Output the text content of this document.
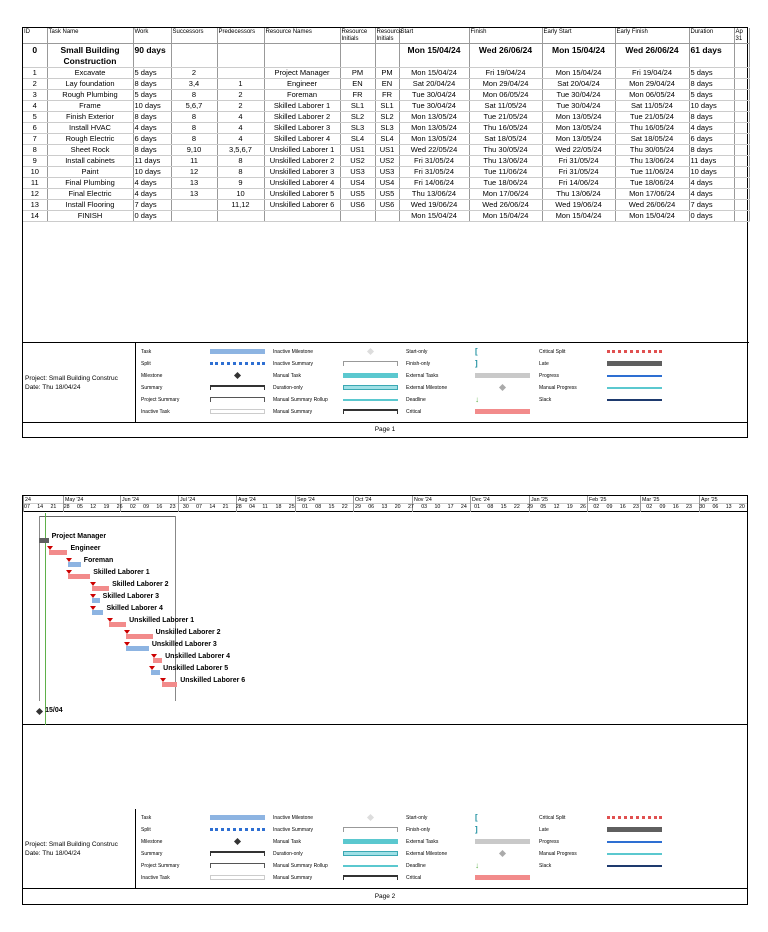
ID	Task Name	Work	Successors	Predecessors	Resource Names	Resource Initials	Resource Initials	Start	Finish	Early Start	Early Finish	Duration	Ap 31
0	Small Building Construction	90 days						Mon 15/04/24	Wed 26/06/24	Mon 15/04/24	Wed 26/06/24	61 days	
1	Excavate	5 days	2		Project Manager	PM	PM	Mon 15/04/24	Fri 19/04/24	Mon 15/04/24	Fri 19/04/24	5 days	
2	Lay foundation	8 days	3,4	1	Engineer	EN	EN	Sat 20/04/24	Mon 29/04/24	Sat 20/04/24	Mon 29/04/24	8 days	
3	Rough Plumbing	5 days	8	2	Foreman	FR	FR	Tue 30/04/24	Mon 06/05/24	Tue 30/04/24	Mon 06/05/24	5 days	
4	Frame	10 days	5,6,7	2	Skilled Laborer 1	SL1	SL1	Tue 30/04/24	Sat 11/05/24	Tue 30/04/24	Sat 11/05/24	10 days	
5	Finish Exterior	8 days	8	4	Skilled Laborer 2	SL2	SL2	Mon 13/05/24	Tue 21/05/24	Mon 13/05/24	Tue 21/05/24	8 days	
6	Install HVAC	4 days	8	4	Skilled Laborer 3	SL3	SL3	Mon 13/05/24	Thu 16/05/24	Mon 13/05/24	Thu 16/05/24	4 days	
7	Rough Electric	6 days	8	4	Skilled Laborer 4	SL4	SL4	Mon 13/05/24	Sat 18/05/24	Mon 13/05/24	Sat 18/05/24	6 days	
8	Sheet Rock	8 days	9,10	3,5,6,7	Unskilled Laborer 1	US1	US1	Wed 22/05/24	Thu 30/05/24	Wed 22/05/24	Thu 30/05/24	8 days	
9	Install cabinets	11 days	11	8	Unskilled Laborer 2	US2	US2	Fri 31/05/24	Thu 13/06/24	Fri 31/05/24	Thu 13/06/24	11 days	
10	Paint	10 days	12	8	Unskilled Laborer 3	US3	US3	Fri 31/05/24	Tue 11/06/24	Fri 31/05/24	Tue 11/06/24	10 days	
11	Final Plumbing	4 days	13	9	Unskilled Laborer 4	US4	US4	Fri 14/06/24	Tue 18/06/24	Fri 14/06/24	Tue 18/06/24	4 days	
12	Final Electric	4 days	13	10	Unskilled Laborer 5	US5	US5	Thu 13/06/24	Mon 17/06/24	Thu 13/06/24	Mon 17/06/24	4 days	
13	Install Flooring	7 days		11,12	Unskilled Laborer 6	US6	US6	Wed 19/06/24	Wed 26/06/24	Wed 19/06/24	Wed 26/06/24	7 days	
14	FINISH	0 days						Mon 15/04/24	Mon 15/04/24	Mon 15/04/24	Mon 15/04/24	0 days	
Project: Small Building Construc
Date: Thu 18/04/24
Task
Split
Milestone
Summary
Project Summary
Inactive Task
Inactive Milestone
Inactive Summary
Manual Task
Duration-only
Manual Summary Rollup
Manual Summary
Start-only	[
Finish-only	]
External Tasks
External Milestone
Deadline	↓
Critical
Critical Split
Late
Progress
Manual Progress
Slack
Page 1
24	May '24	Jun '24	Jul '24	Aug '24	Sep '24	Oct '24	Nov '24	Dec '24	Jan '25	Feb '25	Mar '25	Apr '25
07 14 21 28 05 12 19 26 02 09 16 23 30 07 14 21 28 04 11 18 25 01 08 15 22 29 06 13 20 27 03 10 17 24 01 08 15 22 29 05 12 19 26 02 09 16 23 02 09 16 23 30 06 13 20
Project Manager
Engineer
Foreman
Skilled Laborer 1
Skilled Laborer 2
Skilled Laborer 3
Skilled Laborer 4
Unskilled Laborer 1
Unskilled Laborer 2
Unskilled Laborer 3
Unskilled Laborer 4
Unskilled Laborer 5
Unskilled Laborer 6
15/04
Project: Small Building Construc
Date: Thu 18/04/24
Task
Split
Milestone
Summary
Project Summary
Inactive Task
Inactive Milestone
Inactive Summary
Manual Task
Duration-only
Manual Summary Rollup
Manual Summary
Start-only	[
Finish-only	]
External Tasks
External Milestone
Deadline	↓
Critical
Critical Split
Late
Progress
Manual Progress
Slack
Page 2
